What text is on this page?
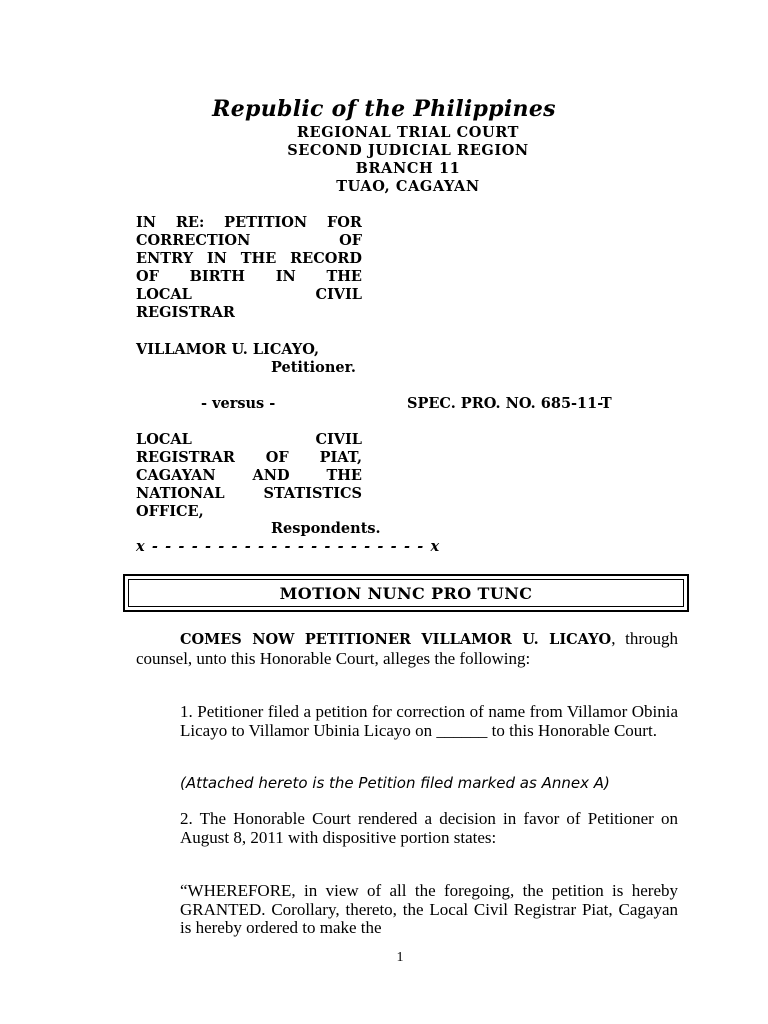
Republic of the Philippines
REGIONAL TRIAL COURT
SECOND JUDICIAL REGION
BRANCH 11
TUAO, CAGAYAN
IN RE: PETITION FOR
CORRECTION OF
ENTRY IN THE RECORD
OF BIRTH IN THE
LOCAL CIVIL
REGISTRAR
VILLAMOR U. LICAYO,
Petitioner.
- versus -	SPEC. PRO. NO. 685-11-T
LOCAL CIVIL
REGISTRAR OF PIAT,
CAGAYAN AND THE
NATIONAL STATISTICS
OFFICE,
Respondents.
x - - - - - - - - - - - - - - - - - - - - - x
MOTION NUNC PRO TUNC
COMES NOW PETITIONER VILLAMOR U. LICAYO, through counsel, unto this Honorable Court, alleges the following:
1. Petitioner filed a petition for correction of name from Villamor Obinia Licayo to Villamor Ubinia Licayo on ______ to this Honorable Court.
(Attached hereto is the Petition filed marked as Annex A)
2. The Honorable Court rendered a decision in favor of Petitioner on August 8, 2011 with dispositive portion states:
“WHEREFORE, in view of all the foregoing, the petition is hereby GRANTED. Corollary, thereto, the Local Civil Registrar Piat, Cagayan is hereby ordered to make the
1
